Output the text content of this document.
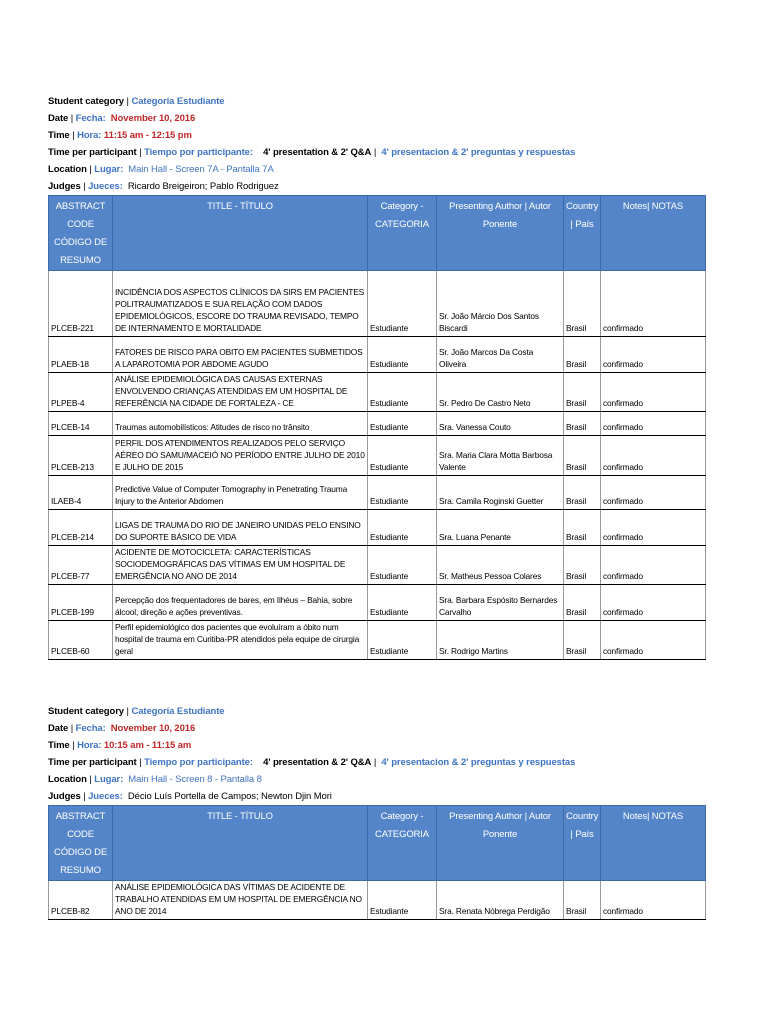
Student category | Categoría Estudiante
Date | Fecha: November 10, 2016
Time | Hora: 11:15 am - 12:15 pm
Time per participant | Tiempo por participante: 4' presentation & 2' Q&A |  4' presentacion & 2' preguntas y respuestas
Location | Lugar: Main Hall - Screen 7A - Pantalla 7A
Judges | Jueces: Ricardo Breigeiron; Pablo Rodriguez
ABSTRACT CODE CÓDIGO DE RESUMO	TITLE - TÍTULO	Category - CATEGORIA	Presenting Author | Autor Ponente	Country | País	Notes| NOTAS
PLCEB-221	INCIDÊNCIA DOS ASPECTOS CLÍNICOS DA SIRS EM PACIENTES POLITRAUMATIZADOS E SUA RELAÇÃO COM DADOS EPIDEMIOLÓGICOS, ESCORE DO TRAUMA REVISADO, TEMPO DE INTERNAMENTO E MORTALIDADE	Estudiante	Sr. João Márcio Dos Santos Biscardi	Brasil	confirmado
PLAEB-18	FATORES DE RISCO PARA OBITO EM PACIENTES SUBMETIDOS A LAPAROTOMIA POR ABDOME AGUDO	Estudiante	Sr. João Marcos Da Costa Oliveira	Brasil	confirmado
PLPEB-4	ANÁLISE EPIDEMIOLÓGICA DAS CAUSAS EXTERNAS ENVOLVENDO CRIANÇAS ATENDIDAS EM UM HOSPITAL DE REFERÊNCIA NA CIDADE DE FORTALEZA - CE	Estudiante	Sr. Pedro De Castro Neto	Brasil	confirmado
PLCEB-14	Traumas automobilísticos: Atitudes de risco no trânsito	Estudiante	Sra. Vanessa Couto	Brasil	confirmado
PLCEB-213	PERFIL DOS ATENDIMENTOS REALIZADOS PELO SERVIÇO AÉREO DO SAMU/MACEIÓ NO PERÍODO ENTRE JULHO DE 2010 E JULHO DE 2015	Estudiante	Sra. Maria Clara Motta Barbosa Valente	Brasil	confirmado
ILAEB-4	Predictive Value of Computer Tomography in Penetrating Trauma Injury to the Anterior Abdomen	Estudiante	Sra. Camila Roginski Guetter	Brasil	confirmado
PLCEB-214	LIGAS DE TRAUMA DO RIO DE JANEIRO UNIDAS PELO ENSINO DO SUPORTE BÁSICO DE VIDA	Estudiante	Sra. Luana Penante	Brasil	confirmado
PLCEB-77	ACIDENTE DE MOTOCICLETA: CARACTERÍSTICAS SOCIODEMOGRÁFICAS DAS VÍTIMAS EM UM HOSPITAL DE EMERGÊNCIA NO ANO DE 2014	Estudiante	Sr. Matheus Pessoa Colares	Brasil	confirmado
PLCEB-199	Percepção dos frequentadores de bares, em Ilhéus – Bahia, sobre álcool, direção e ações preventivas.	Estudiante	Sra. Barbara Espósito Bernardes Carvalho	Brasil	confirmado
PLCEB-60	Perfil epidemiológico dos pacientes que evoluíram a óbito num hospital de trauma em Curitiba-PR atendidos pela equipe de cirurgia geral	Estudiante	Sr. Rodrigo Martins	Brasil	confirmado
Student category | Categoría Estudiante
Date | Fecha: November 10, 2016
Time | Hora: 10:15 am - 11:15 am
Time per participant | Tiempo por participante: 4' presentation & 2' Q&A |  4' presentacion & 2' preguntas y respuestas
Location | Lugar: Main Hall - Screen 8 - Pantalla 8
Judges | Jueces: Décio Luís Portella de Campos; Newton Djin Mori
ABSTRACT CODE CÓDIGO DE RESUMO	TITLE - TÍTULO	Category - CATEGORIA	Presenting Author | Autor Ponente	Country | País	Notes| NOTAS
PLCEB-82	ANÁLISE EPIDEMIOLÓGICA DAS VÍTIMAS DE ACIDENTE DE TRABALHO ATENDIDAS EM UM HOSPITAL DE EMERGÊNCIA NO ANO DE 2014	Estudiante	Sra. Renata Nóbrega Perdigão	Brasil	confirmado
